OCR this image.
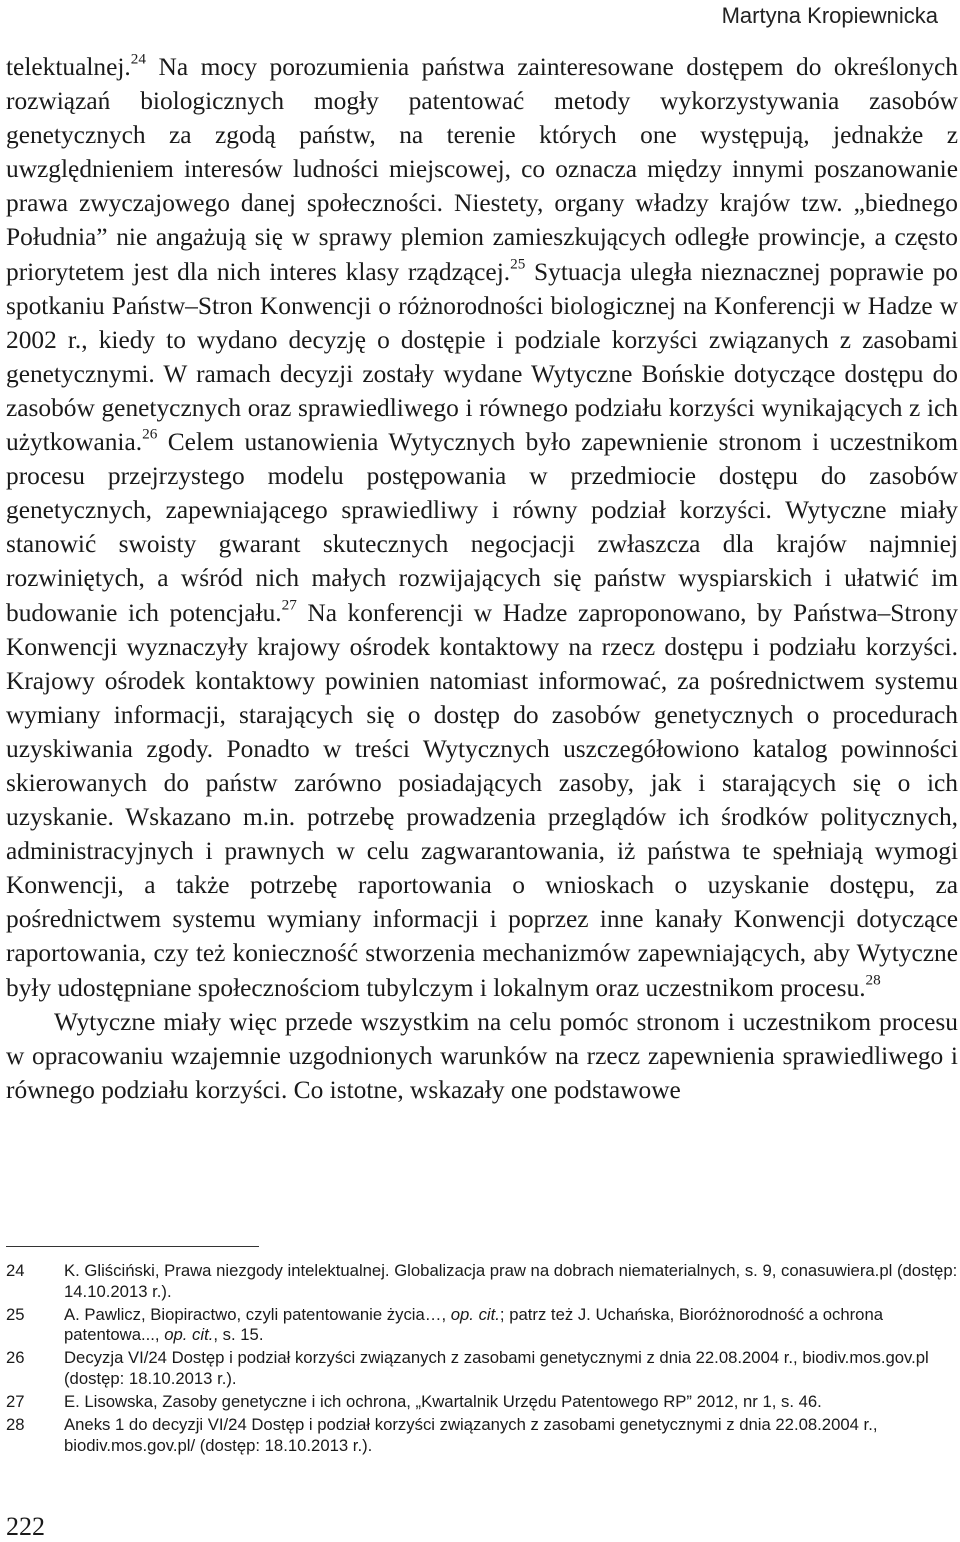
Martyna Kropiewnicka

telektualnej.$^{24}$ Na mocy porozumienia państwa zainteresowane dostępem do określonych rozwiązań biologicznych mogły patentować metody wykorzystywania zasobów genetycznych za zgodą państw, na terenie których one występują, jednakże z uwzględnieniem interesów ludności miejscowej, co oznacza między innymi poszanowanie prawa zwyczajowego danej społeczności. Niestety, organy władzy krajów tzw. „biednego Południa” nie angażują się w sprawy plemion zamieszkujących odległe prowincje, a często priorytetem jest dla nich interes klasy rządzącej.$^{25}$ Sytuacja uległa nieznacznej poprawie po spotkaniu Państw–Stron Konwencji o różnorodności biologicznej na Konferencji w Hadze w 2002 r., kiedy to wydano decyzję o dostępie i podziale korzyści związanych z zasobami genetycznymi. W ramach decyzji zostały wydane Wytyczne Bońskie dotyczące dostępu do zasobów genetycznych oraz sprawiedliwego i równego podziału korzyści wynikających z ich użytkowania.$^{26}$ Celem ustanowienia Wytycznych było zapewnienie stronom i uczestnikom procesu przejrzystego modelu postępowania w przedmiocie dostępu do zasobów genetycznych, zapewniającego sprawiedliwy i równy podział korzyści. Wytyczne miały stanowić swoisty gwarant skutecznych negocjacji zwłaszcza dla krajów najmniej rozwiniętych, a wśród nich małych rozwijających się państw wyspiarskich i ułatwić im budowanie ich potencjału.$^{27}$ Na konferencji w Hadze zaproponowano, by Państwa–Strony Konwencji wyznaczyły krajowy ośrodek kontaktowy na rzecz dostępu i podziału korzyści. Krajowy ośrodek kontaktowy powinien natomiast informować, za pośrednictwem systemu wymiany informacji, starających się o dostęp do zasobów genetycznych o procedurach uzyskiwania zgody. Ponadto w treści Wytycznych uszczegółowiono katalog powinności skierowanych do państw zarówno posiadających zasoby, jak i starających się o ich uzyskanie. Wskazano m.in. potrzebę prowadzenia przeglądów ich środków politycznych, administracyjnych i prawnych w celu zagwarantowania, iż państwa te spełniają wymogi Konwencji, a także potrzebę raportowania o wnioskach o uzyskanie dostępu, za pośrednictwem systemu wymiany informacji i poprzez inne kanały Konwencji dotyczące raportowania, czy też konieczność stworzenia mechanizmów zapewniających, aby Wytyczne były udostępniane społecznościom tubylczym i lokalnym oraz uczestnikom procesu.$^{28}$

Wytyczne miały więc przede wszystkim na celu pomóc stronom i uczestnikom procesu w opracowaniu wzajemnie uzgodnionych warunków na rzecz zapewnienia sprawiedliwego i równego podziału korzyści. Co istotne, wskazały one podstawowe

24	K. Gliściński, Prawa niezgody intelektualnej. Globalizacja praw na dobrach niematerialnych, s. 9, conasuwiera.pl (dostęp: 14.10.2013 r.).
25	A. Pawlicz, Biopiractwo, czyli patentowanie życia…, op. cit.; patrz też J. Uchańska, Bioróżnorodność a ochrona patentowa..., op. cit., s. 15.
26	Decyzja VI/24 Dostęp i podział korzyści związanych z zasobami genetycznymi z dnia 22.08.2004 r., biodiv.mos.gov.pl (dostęp: 18.10.2013 r.).
27	E. Lisowska, Zasoby genetyczne i ich ochrona, „Kwartalnik Urzędu Patentowego RP” 2012, nr 1, s. 46.
28	Aneks 1 do decyzji VI/24 Dostęp i podział korzyści związanych z zasobami genetycznymi z dnia 22.08.2004 r., biodiv.mos.gov.pl/ (dostęp: 18.10.2013 r.).
222
